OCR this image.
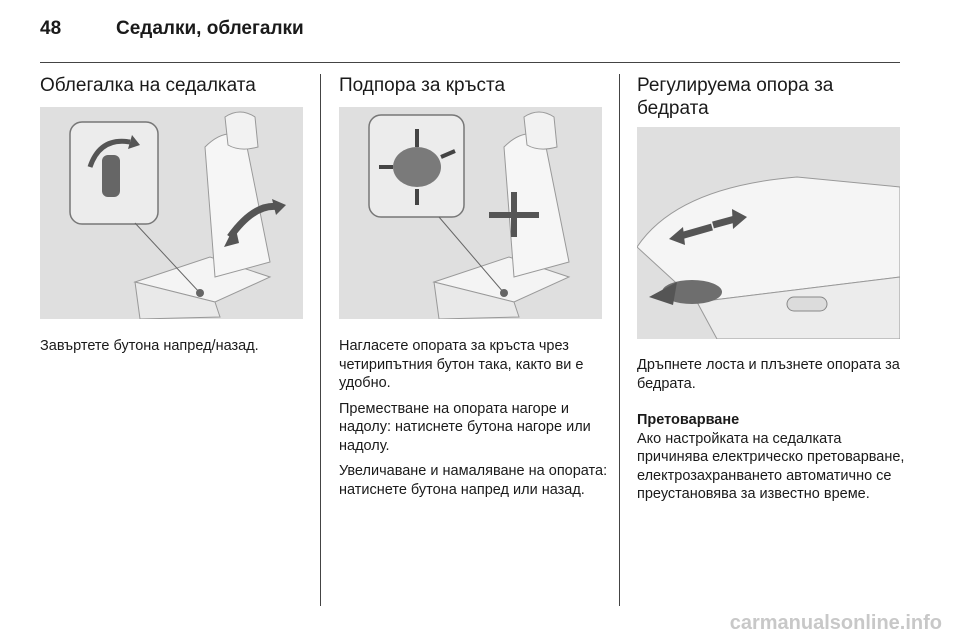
48	Седалки, облегалки
Облегалка на седалката

Завъртете бутона напред/назад.

Подпора за кръста

Нагласете опората за кръста чрез четирипътния бутон така, както ви е удобно.

Преместване на опората нагоре и надолу: натиснете бутона нагоре или надолу.

Увеличаване и намаляване на опората: натиснете бутона напред или назад.

Регулируема опора за
бедрата

Дръпнете лоста и плъзнете опората за бедрата.

Претоварване

Ако настройката на седалката причинява електрическо претоварване, електрозахранването автоматично се преустановява за известно време.

carmanualsonline.info
